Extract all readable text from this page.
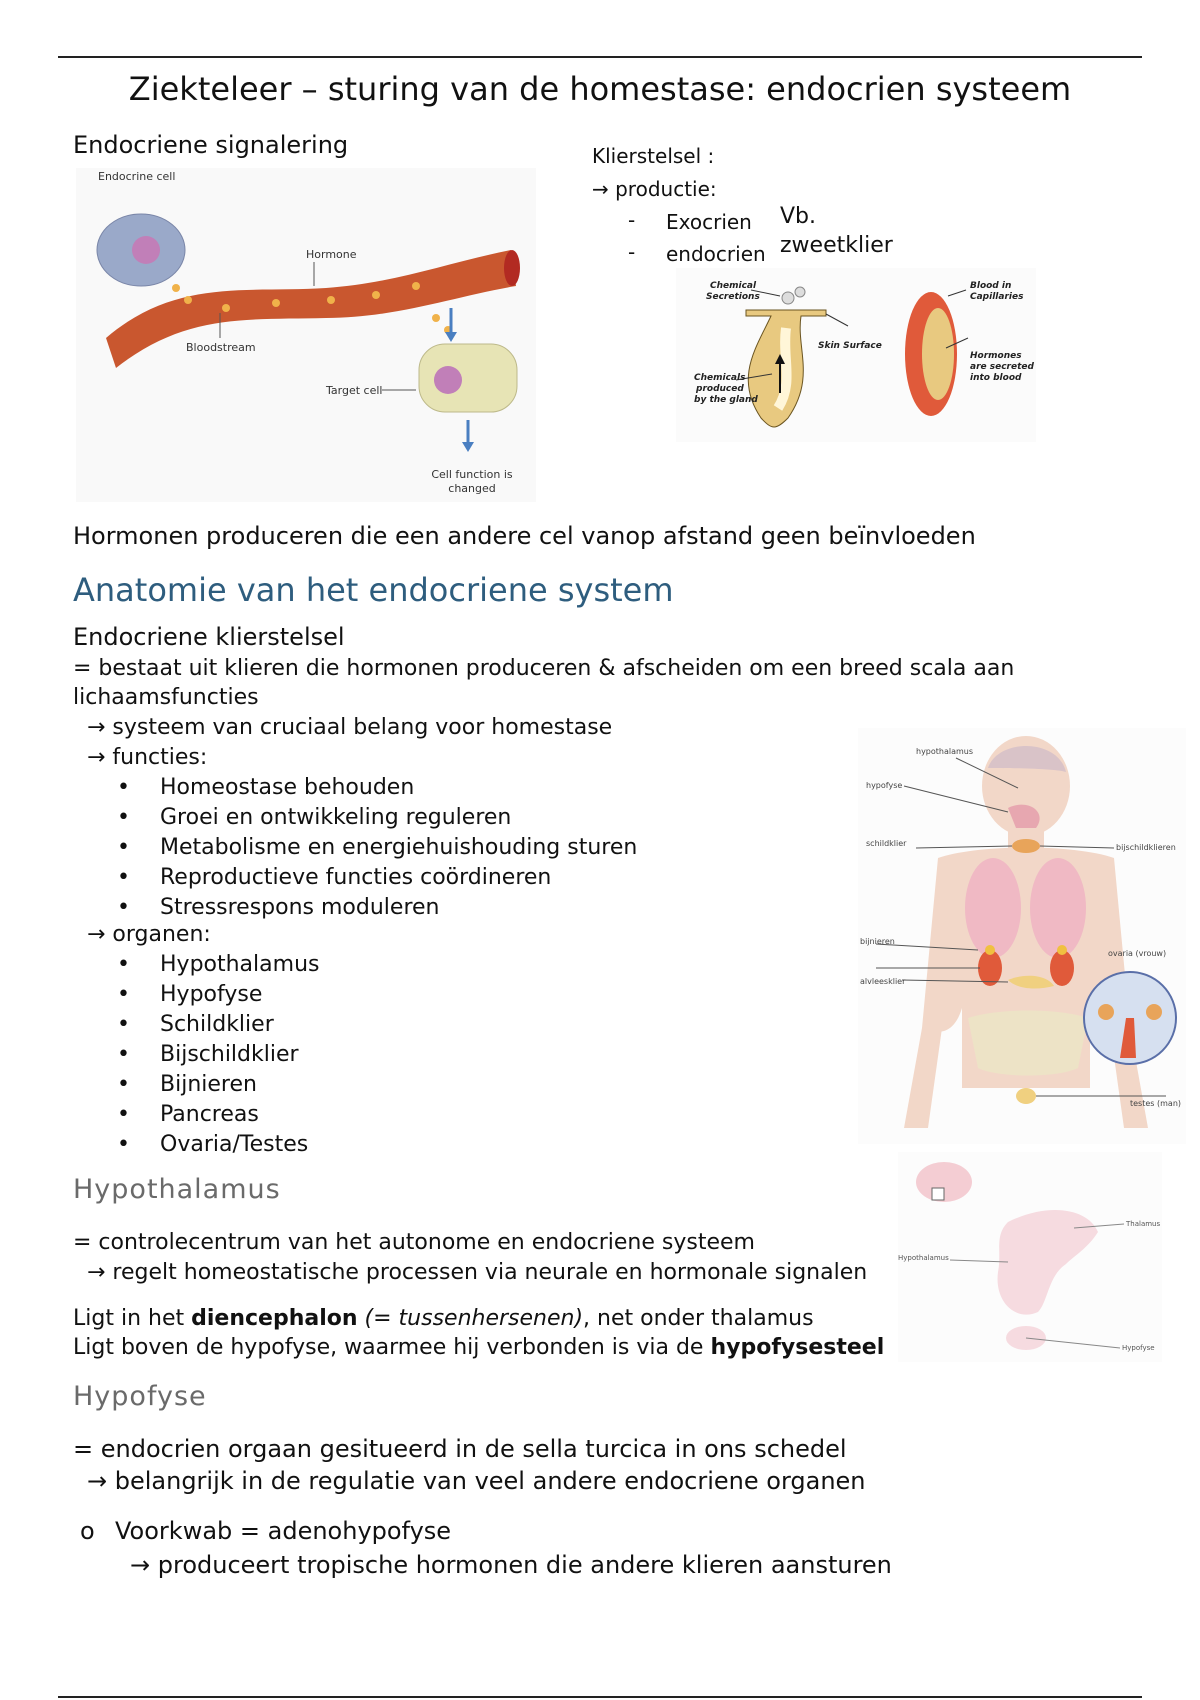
Ziekteleer – sturing van de homestase: endocrien systeem
Endocriene signalering
Endocrine cell
Hormone
Bloodstream
Target cell
Cell function is
changed
Klierstelsel :
→ productie:
- Exocrien
- endocrien
Vb.
zweetklier
Chemical
Secretions
Skin Surface
Chemicals
produced
by the gland
Blood in
Capillaries
Hormones
are secreted
into blood
Hormonen produceren die een andere cel vanop afstand geen beïnvloeden
Anatomie van het endocriene system
Endocriene klierstelsel
= bestaat uit klieren die hormonen produceren & afscheiden om een breed scala aan
lichaamsfuncties
→ systeem van cruciaal belang voor homestase
→ functies:
• Homeostase behouden
• Groei en ontwikkeling reguleren
• Metabolisme en energiehuishouding sturen
• Reproductieve functies coördineren
• Stressrespons moduleren
→ organen:
• Hypothalamus
• Hypofyse
• Schildklier
• Bijschildklier
• Bijnieren
• Pancreas
• Ovaria/Testes
hypothalamus
hypofyse
schildklier	bijschildklieren
bijnieren
alvleesklier
ovaria (vrouw)
testes (man)
Hypothalamus
= controlecentrum van het autonome en endocriene systeem
→ regelt homeostatische processen via neurale en hormonale signalen
Ligt in het diencephalon (= tussenhersenen), net onder thalamus
Ligt boven de hypofyse, waarmee hij verbonden is via de hypofysesteel
Thalamus
Hypothalamus
Hypofyse
Hypofyse
= endocrien orgaan gesitueerd in de sella turcica in ons schedel
→ belangrijk in de regulatie van veel andere endocriene organen
o Voorkwab = adenohypofyse
→ produceert tropische hormonen die andere klieren aansturen
